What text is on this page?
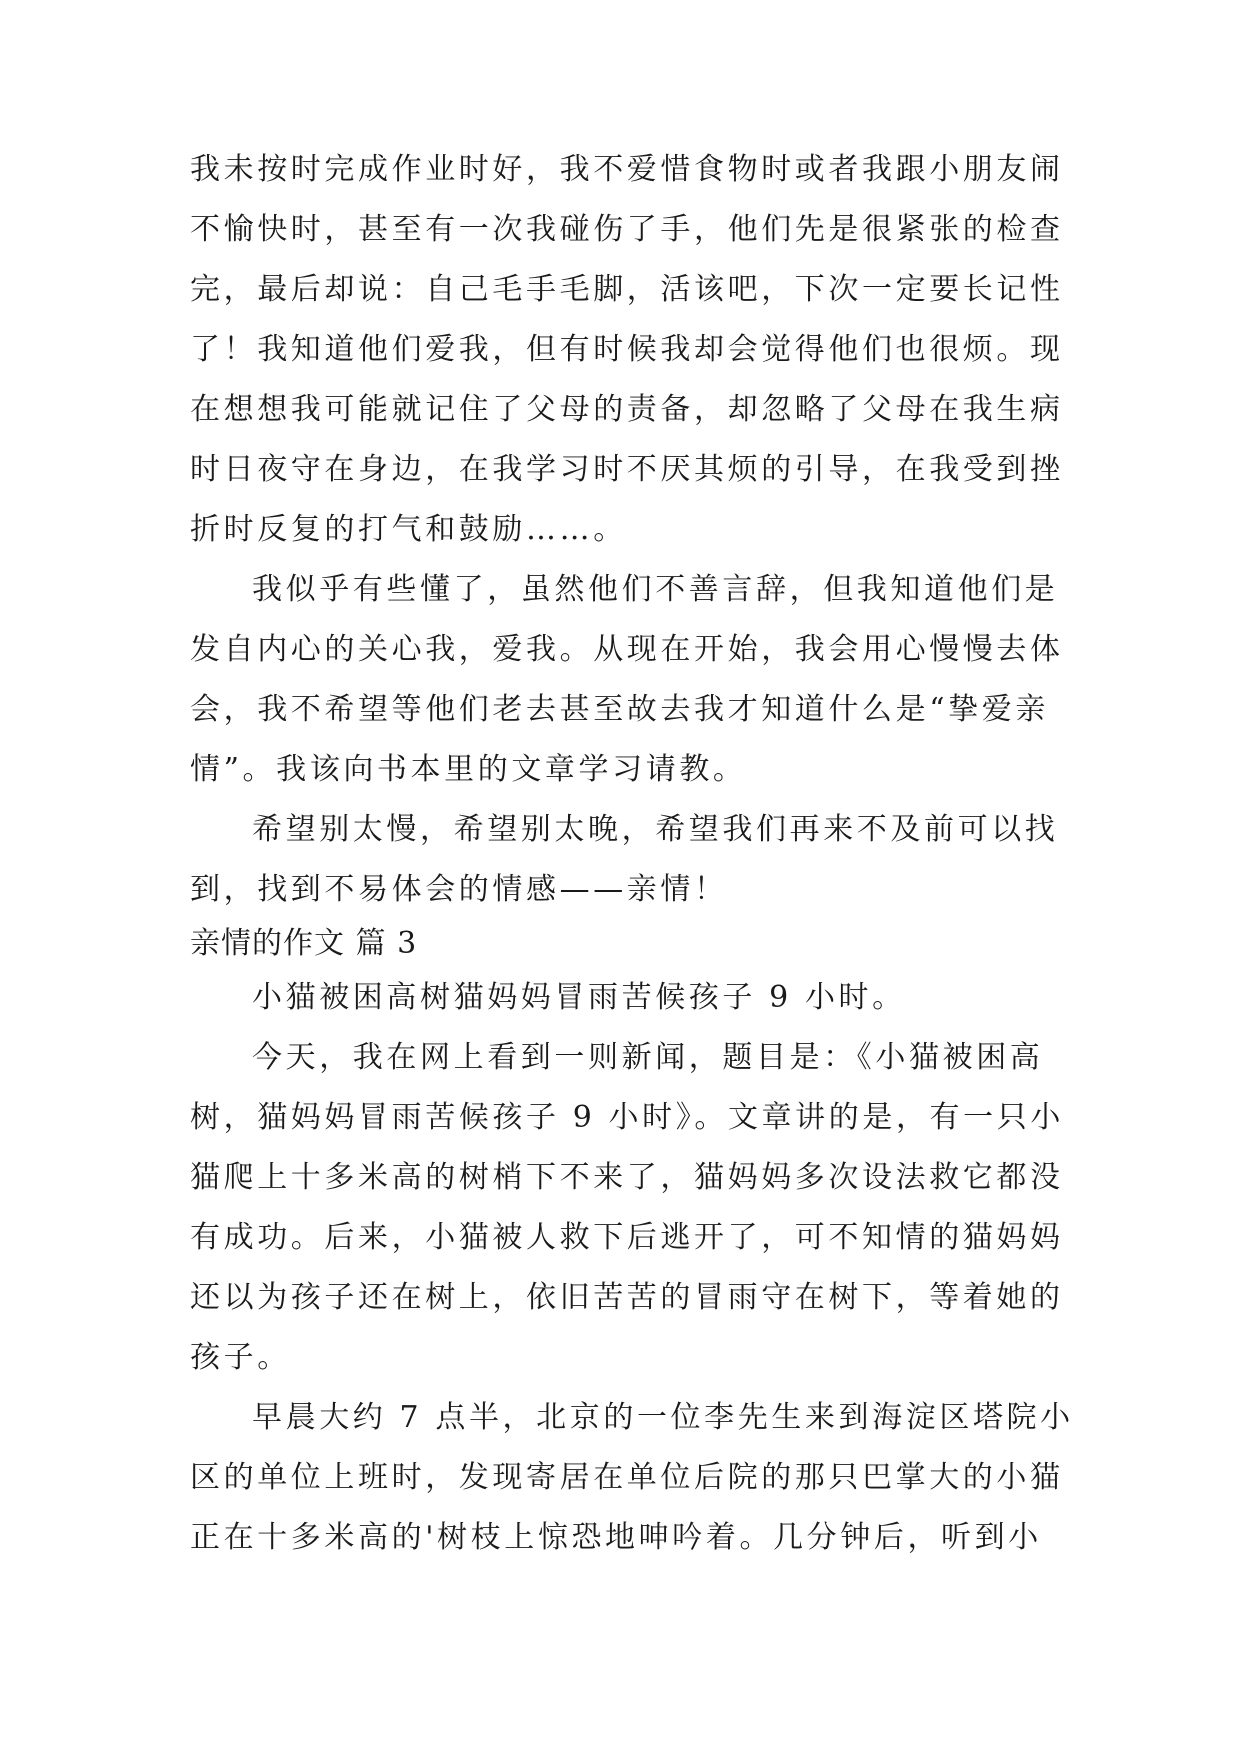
我未按时完成作业时好，我不爱惜食物时或者我跟小朋友闹
不愉快时，甚至有一次我碰伤了手，他们先是很紧张的检查
完，最后却说：自己毛手毛脚，活该吧，下次一定要长记性
了！我知道他们爱我，但有时候我却会觉得他们也很烦。现
在想想我可能就记住了父母的责备，却忽略了父母在我生病
时日夜守在身边，在我学习时不厌其烦的引导，在我受到挫
折时反复的打气和鼓励……。
我似乎有些懂了，虽然他们不善言辞，但我知道他们是
发自内心的关心我，爱我。从现在开始，我会用心慢慢去体
会，我不希望等他们老去甚至故去我才知道什么是“挚爱亲
情”。我该向书本里的文章学习请教。
希望别太慢，希望别太晚，希望我们再来不及前可以找
到，找到不易体会的情感——亲情！
亲情的作文 篇 3
小猫被困高树猫妈妈冒雨苦候孩子 9 小时。
今天，我在网上看到一则新闻，题目是：《小猫被困高
树，猫妈妈冒雨苦候孩子 9 小时》。文章讲的是，有一只小
猫爬上十多米高的树梢下不来了，猫妈妈多次设法救它都没
有成功。后来，小猫被人救下后逃开了，可不知情的猫妈妈
还以为孩子还在树上，依旧苦苦的冒雨守在树下，等着她的
孩子。
早晨大约 7 点半，北京的一位李先生来到海淀区塔院小
区的单位上班时，发现寄居在单位后院的那只巴掌大的小猫
正在十多米高的'树枝上惊恐地呻吟着。几分钟后，听到小
